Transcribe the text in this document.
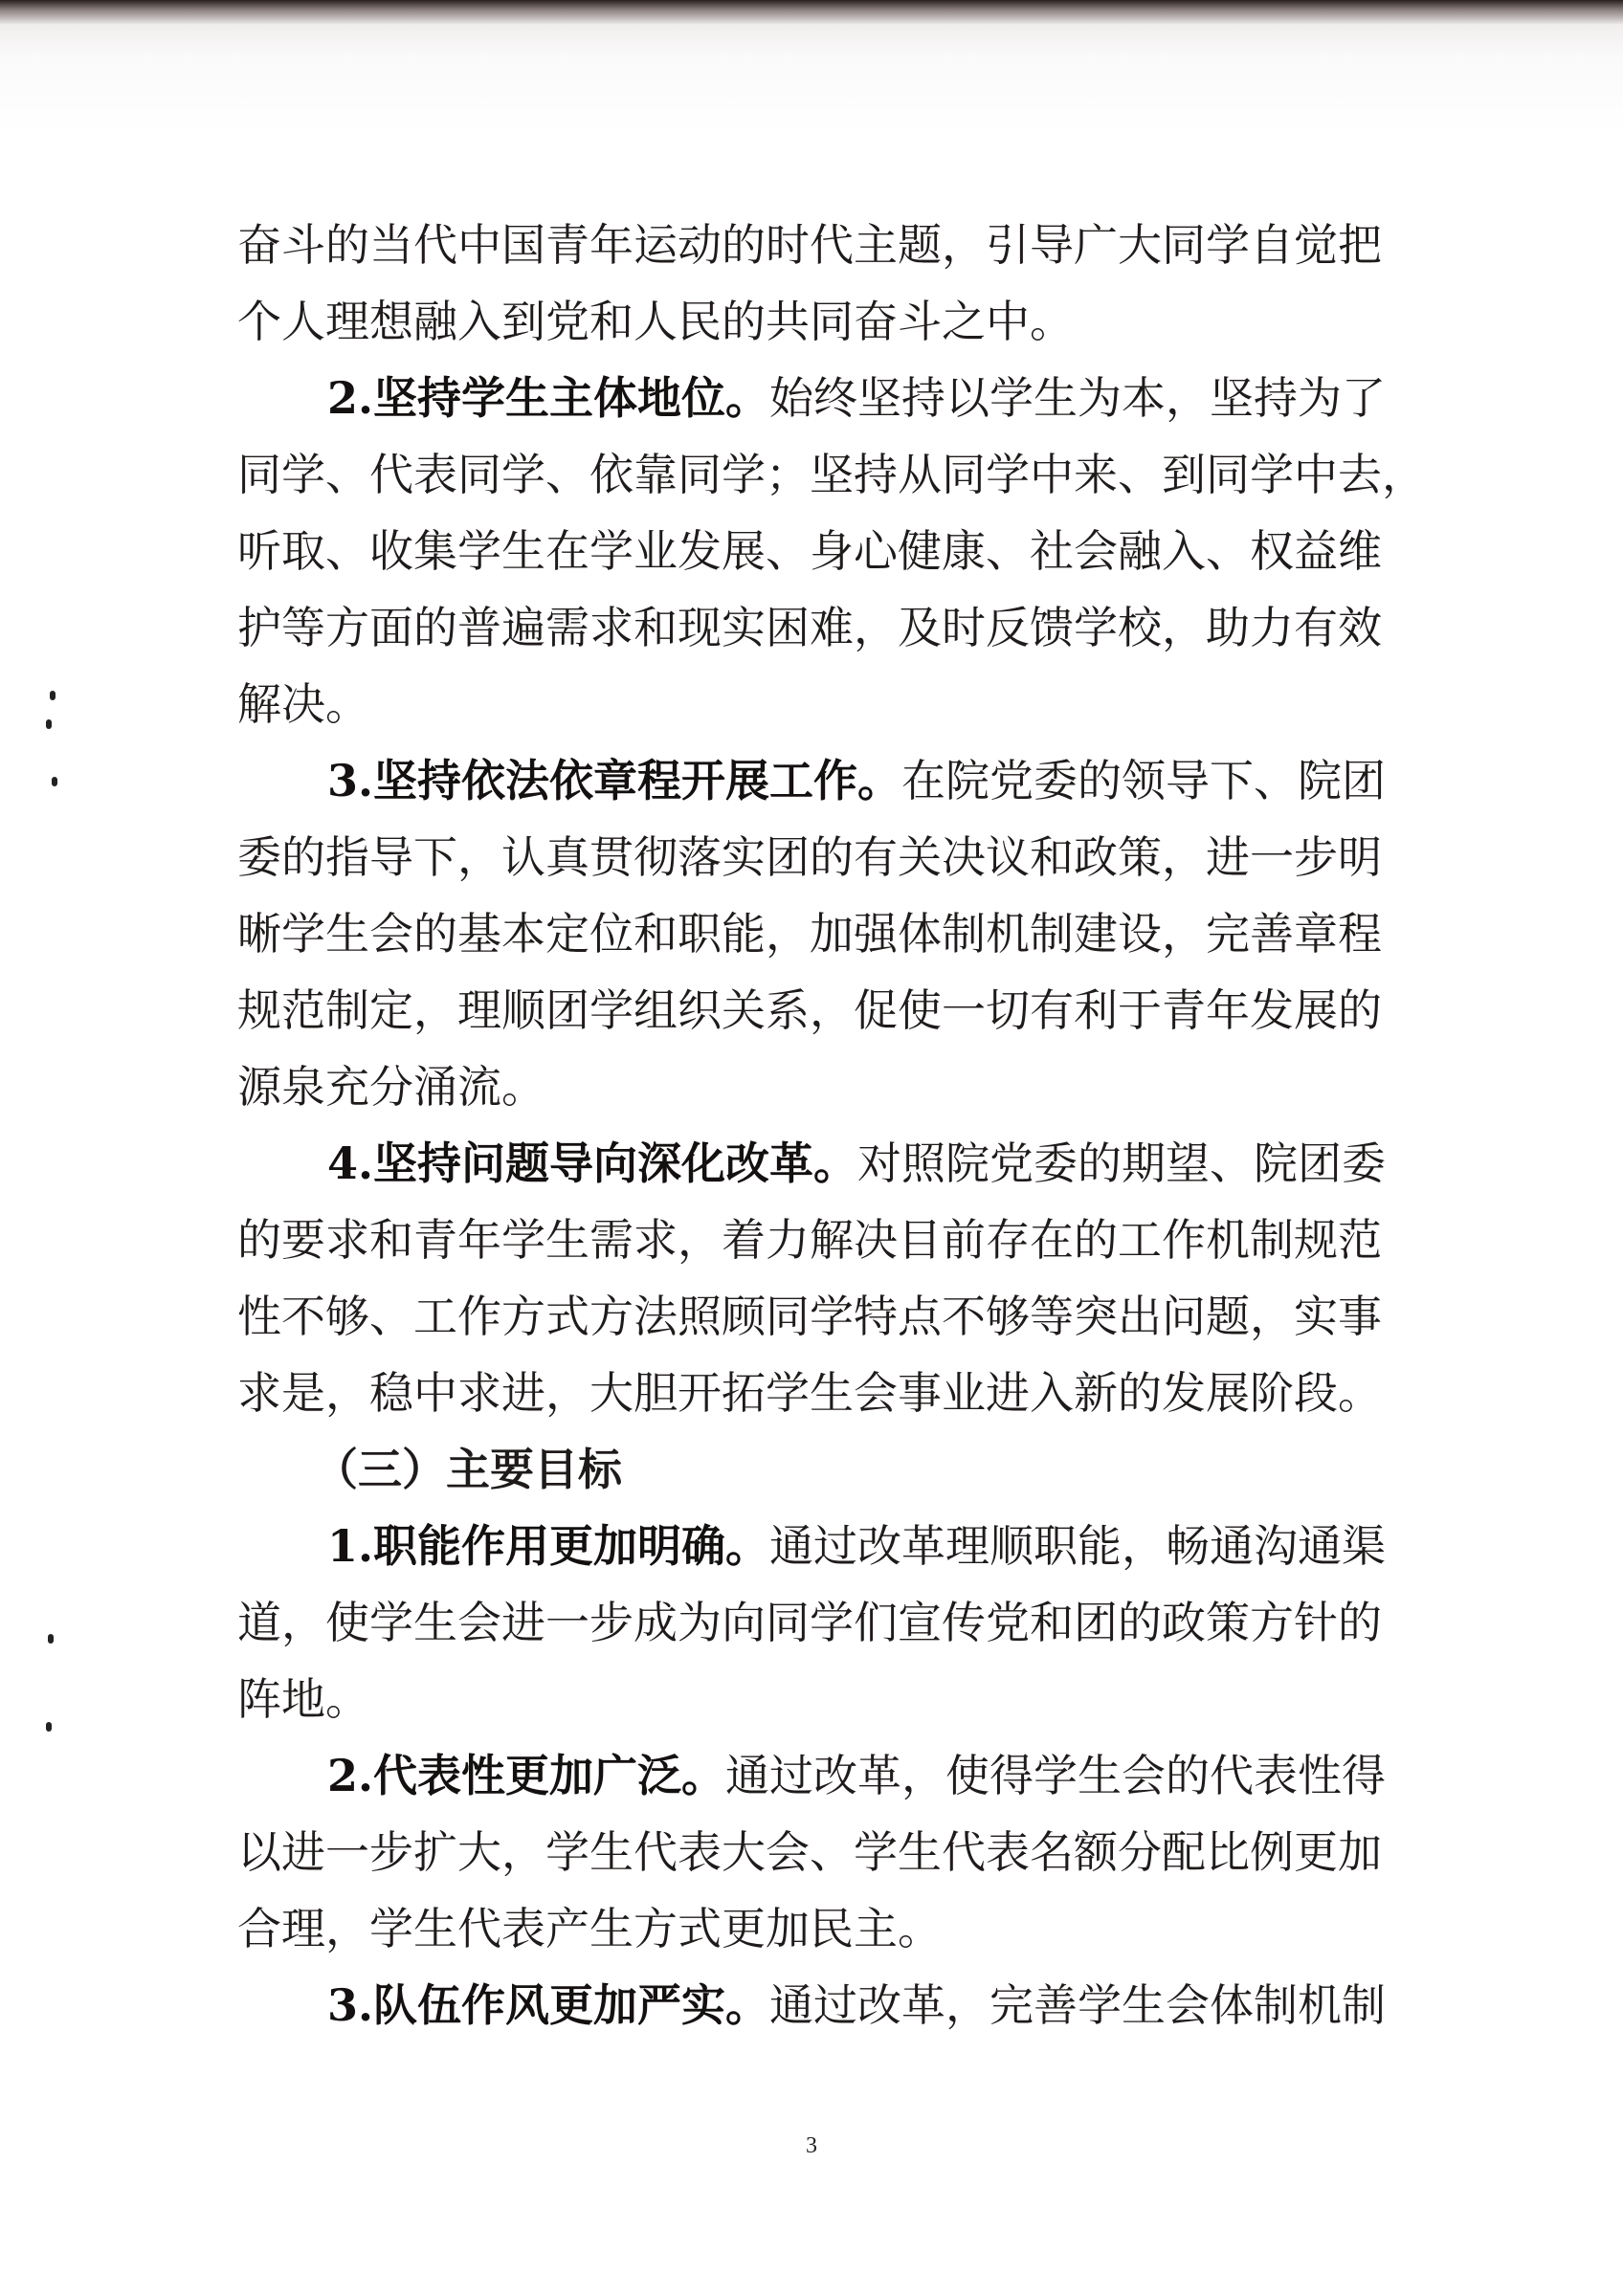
奋斗的当代中国青年运动的时代主题，引导广大同学自觉把
个人理想融入到党和人民的共同奋斗之中。
2.坚持学生主体地位。始终坚持以学生为本，坚持为了
同学、代表同学、依靠同学；坚持从同学中来、到同学中去，
听取、收集学生在学业发展、身心健康、社会融入、权益维
护等方面的普遍需求和现实困难，及时反馈学校，助力有效
解决。
3.坚持依法依章程开展工作。在院党委的领导下、院团
委的指导下，认真贯彻落实团的有关决议和政策，进一步明
晰学生会的基本定位和职能，加强体制机制建设，完善章程
规范制定，理顺团学组织关系，促使一切有利于青年发展的
源泉充分涌流。
4.坚持问题导向深化改革。对照院党委的期望、院团委
的要求和青年学生需求，着力解决目前存在的工作机制规范
性不够、工作方式方法照顾同学特点不够等突出问题，实事
求是，稳中求进，大胆开拓学生会事业进入新的发展阶段。
（三）主要目标
1.职能作用更加明确。通过改革理顺职能，畅通沟通渠
道，使学生会进一步成为向同学们宣传党和团的政策方针的
阵地。
2.代表性更加广泛。通过改革，使得学生会的代表性得
以进一步扩大，学生代表大会、学生代表名额分配比例更加
合理，学生代表产生方式更加民主。
3.队伍作风更加严实。通过改革，完善学生会体制机制
3
